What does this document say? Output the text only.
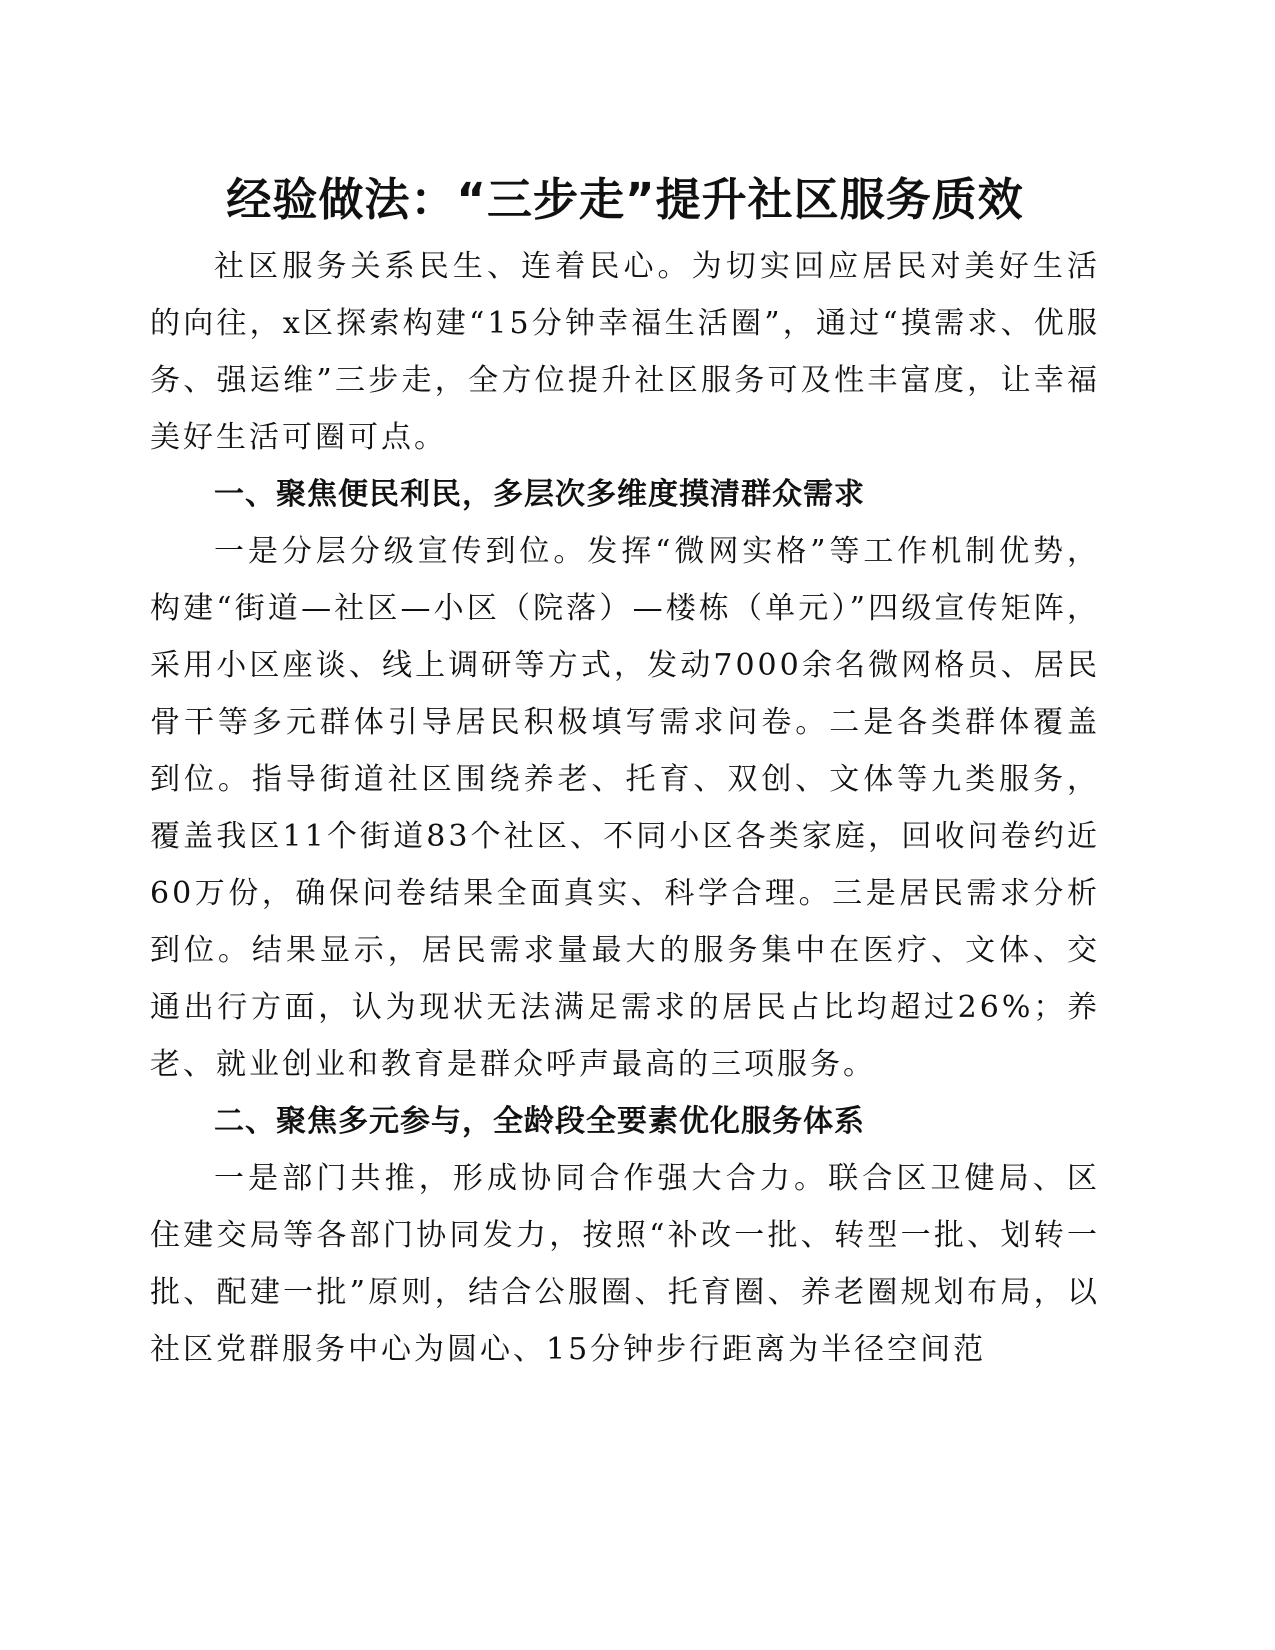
经验做法：“三步走”提升社区服务质效

社区服务关系民生、连着民心。为切实回应居民对美好生活的向往，x区探索构建“15分钟幸福生活圈”，通过“摸需求、优服务、强运维”三步走，全方位提升社区服务可及性丰富度，让幸福美好生活可圈可点。

一、聚焦便民利民，多层次多维度摸清群众需求

一是分层分级宣传到位。发挥“微网实格”等工作机制优势，构建“街道—社区—小区（院落）—楼栋（单元）”四级宣传矩阵，采用小区座谈、线上调研等方式，发动7000余名微网格员、居民骨干等多元群体引导居民积极填写需求问卷。二是各类群体覆盖到位。指导街道社区围绕养老、托育、双创、文体等九类服务，覆盖我区11个街道83个社区、不同小区各类家庭，回收问卷约近60万份，确保问卷结果全面真实、科学合理。三是居民需求分析到位。结果显示，居民需求量最大的服务集中在医疗、文体、交通出行方面，认为现状无法满足需求的居民占比均超过26%；养老、就业创业和教育是群众呼声最高的三项服务。

二、聚焦多元参与，全龄段全要素优化服务体系

一是部门共推，形成协同合作强大合力。联合区卫健局、区住建交局等各部门协同发力，按照“补改一批、转型一批、划转一批、配建一批”原则，结合公服圈、托育圈、养老圈规划布局，以社区党群服务中心为圆心、15分钟步行距离为半径空间范
